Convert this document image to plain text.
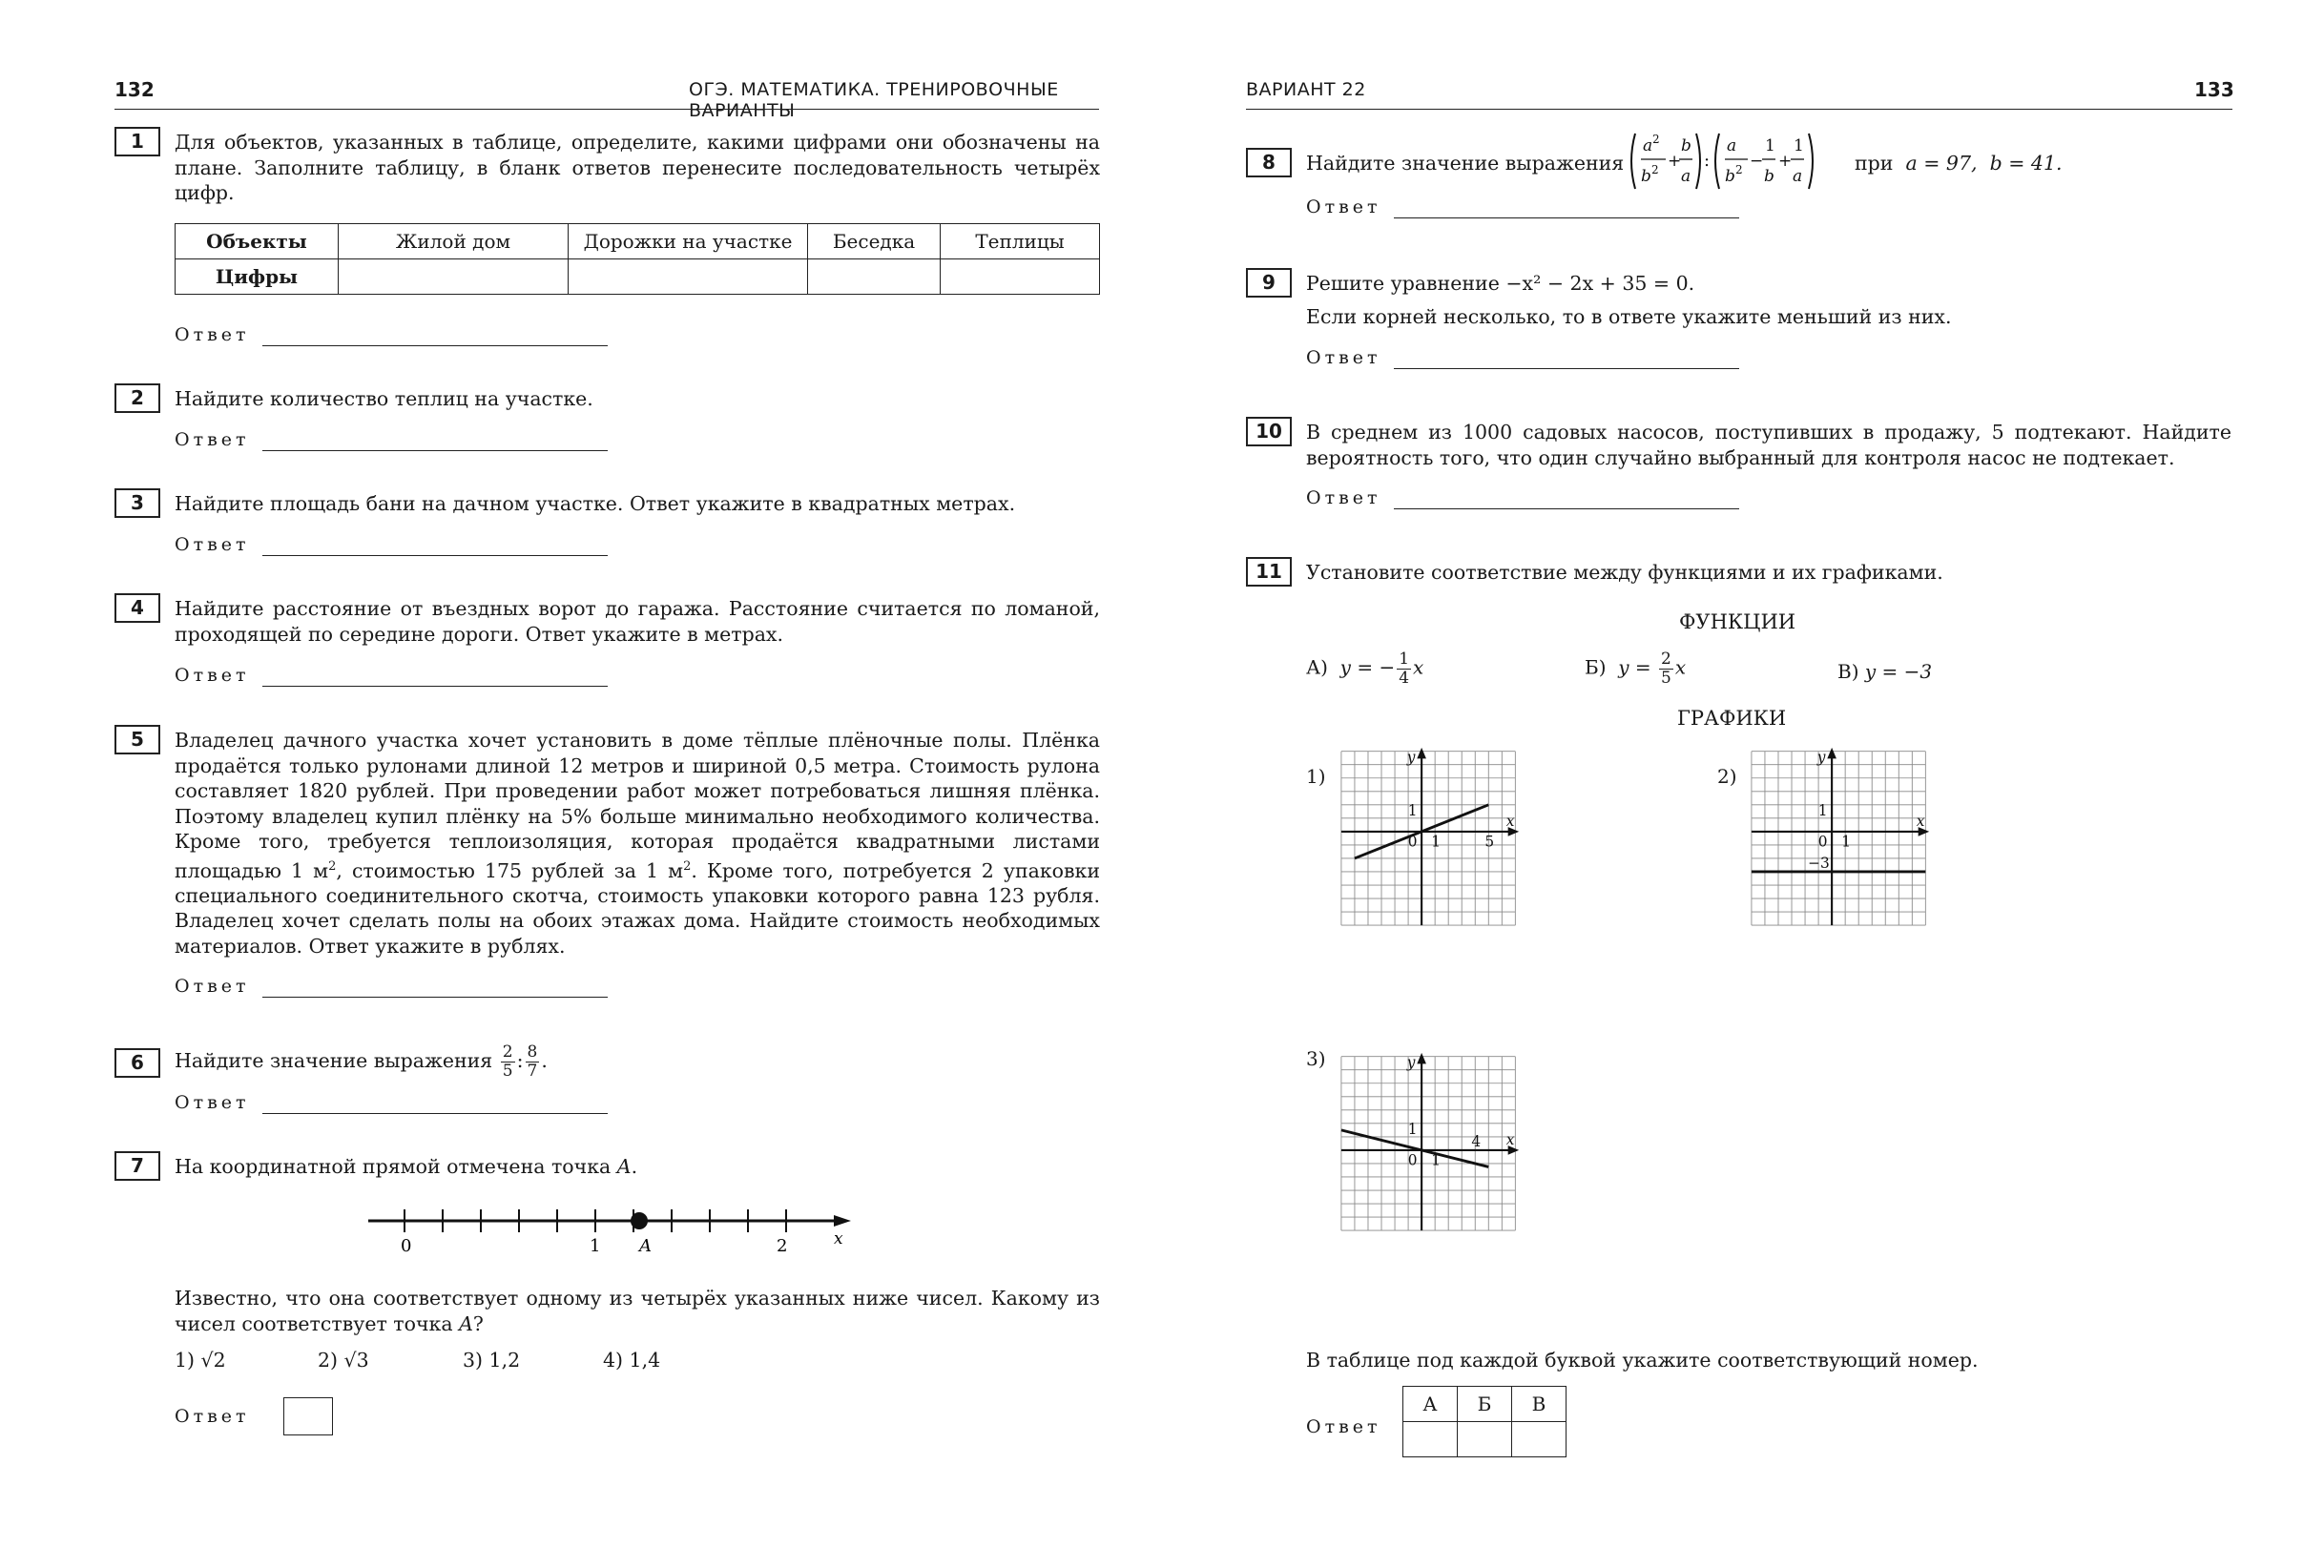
132	ОГЭ. МАТЕМАТИКА. ТРЕНИРОВОЧНЫЕ ВАРИАНТЫ
1	Для объектов, указанных в таблице, определите, какими цифрами они обозначены на плане. Заполните таблицу, в бланк ответов перенесите последовательность четырёх цифр.
Объекты	Жилой дом	Дорожки на участке	Беседка	Теплицы
Цифры				
Ответ
2	Найдите количество теплиц на участке.
Ответ
3	Найдите площадь бани на дачном участке. Ответ укажите в квадратных метрах.
Ответ
4	Найдите расстояние от въездных ворот до гаража. Расстояние считается по ломаной, проходящей по середине дороги. Ответ укажите в метрах.
Ответ
5	Владелец дачного участка хочет установить в доме тёплые плёночные полы. Плёнка продаётся только рулонами длиной 12 метров и шириной 0,5 метра. Стоимость рулона составляет 1820 рублей. При проведении работ может потребоваться лишняя плёнка. Поэтому владелец купил плёнку на 5% больше минимально необходимого количества. Кроме того, требуется теплоизоляция, которая продаётся квадратными листами площадью 1 $м^2$, стоимостью 175 рублей за 1 $м^2$. Кроме того, потребуется 2 упаковки специального соединительного скотча, стоимость упаковки которого равна 123 рубля. Владелец хочет сделать полы на обоих этажах дома. Найдите стоимость необходимых материалов. Ответ укажите в рублях.
Ответ
6	Найдите значение выражения $\frac{2}{5}$ : $\frac{8}{7}$ .
Ответ
7	На координатной прямой отмечена точка A.
0	1 A	2	x
Известно, что она соответствует одному из четырёх указанных ниже чисел. Какому из чисел соответствует точка A?
1) √2	2) √3	3) 1,2	4) 1,4
Ответ
ВАРИАНТ 22	133
8	Найдите значение выражения
a 2
b 2 +
b
a
:
a
b 2 −
1
b
+
1
a
при a = 97, b = 41.
Ответ
9	Решите уравнение −x² − 2x + 35 = 0.
Если корней несколько, то в ответе укажите меньший из них.
Ответ
10	В среднем из 1000 садовых насосов, поступивших в продажу, 5 подтекают. Найдите вероятность того, что один случайно выбранный для контроля насос не подтекает.
Ответ
11	Установите соответствие между функциями и их графиками.
ФУНКЦИИ
А) y = − $\frac{1}{4}$ x	Б) $y = \frac{2}{5}$ x	В) y = −3
ГРАФИКИ
1)	2)
3)
y
x
1
0 1	5
y
x
1
0 1
−3
y
x
1
0 1
4
В таблице под каждой буквой укажите соответствующий номер.
Ответ
А	Б	В
